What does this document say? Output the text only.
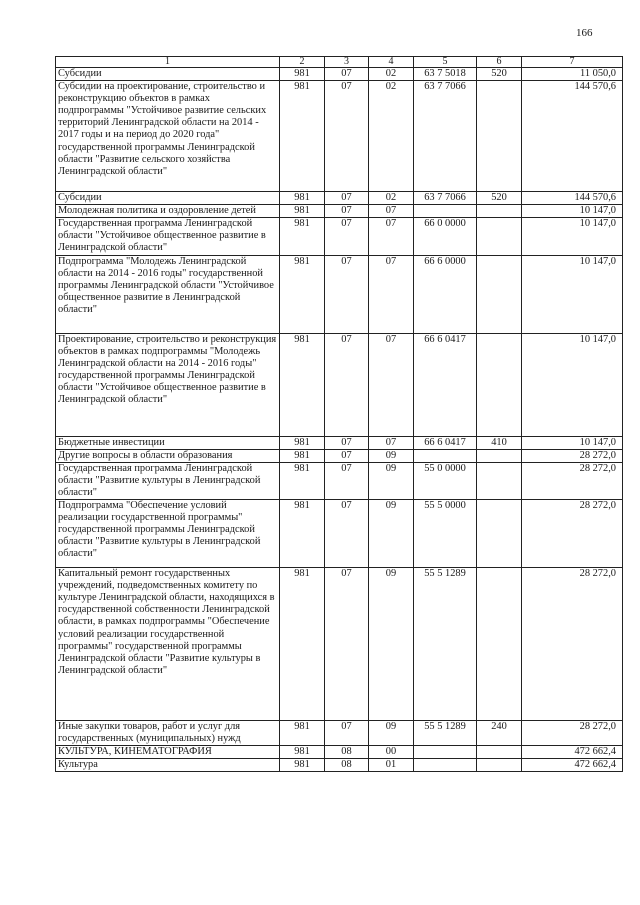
166
1	2	3	4	5	6	7
Субсидии	981	07	02	63 7 5018	520	11 050,0
Субсидии на проектирование, строительство и реконструкцию объектов в рамках подпрограммы "Устойчивое развитие сельских территорий Ленинградской области на 2014 - 2017 годы и на период до 2020 года" государственной программы Ленинградской области "Развитие сельского хозяйства Ленинградской области"	981	07	02	63 7 7066		144 570,6
Субсидии	981	07	02	63 7 7066	520	144 570,6
Молодежная политика и оздоровление детей	981	07	07			10 147,0
Государственная программа Ленинградской области "Устойчивое общественное развитие в Ленинградской области"	981	07	07	66 0 0000		10 147,0
Подпрограмма "Молодежь Ленинградской области на 2014 - 2016 годы" государственной программы Ленинградской области "Устойчивое общественное развитие в Ленинградской области"	981	07	07	66 6 0000		10 147,0
Проектирование, строительство и реконструкция объектов в рамках подпрограммы "Молодежь Ленинградской области на 2014 - 2016 годы" государственной программы Ленинградской области "Устойчивое общественное развитие в Ленинградской области"	981	07	07	66 6 0417		10 147,0
Бюджетные инвестиции	981	07	07	66 6 0417	410	10 147,0
Другие вопросы в области образования	981	07	09			28 272,0
Государственная программа Ленинградской области "Развитие культуры в Ленинградской области"	981	07	09	55 0 0000		28 272,0
Подпрограмма "Обеспечение условий реализации государственной программы" государственной программы Ленинградской области "Развитие культуры в Ленинградской области"	981	07	09	55 5 0000		28 272,0
Капитальный ремонт государственных учреждений, подведомственных комитету по культуре Ленинградской области, находящихся в государственной собственности Ленинградской области, в рамках подпрограммы "Обеспечение условий реализации государственной программы" государственной программы Ленинградской области "Развитие культуры в Ленинградской области"	981	07	09	55 5 1289		28 272,0
Иные закупки товаров, работ и услуг для государственных (муниципальных) нужд	981	07	09	55 5 1289	240	28 272,0
КУЛЬТУРА, КИНЕМАТОГРАФИЯ	981	08	00			472 662,4
Культура	981	08	01			472 662,4
